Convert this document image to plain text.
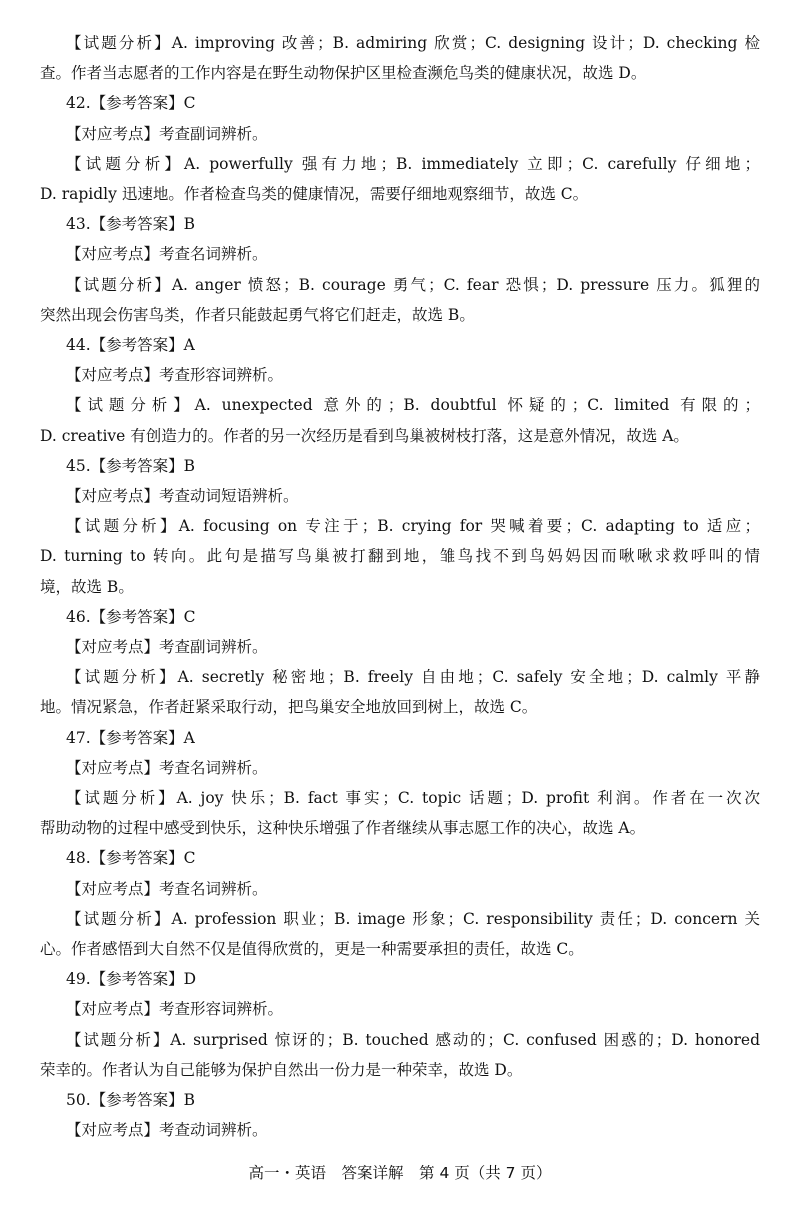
【试题分析】A. improving 改善；B. admiring 欣赏；C. designing 设计；D. checking 检
查。作者当志愿者的工作内容是在野生动物保护区里检查濒危鸟类的健康状况，故选 D。
42.【参考答案】C
【对应考点】考查副词辨析。
【试题分析】A. powerfully 强有力地；B. immediately 立即；C. carefully 仔细地；
D. rapidly 迅速地。作者检查鸟类的健康情况，需要仔细地观察细节，故选 C。
43.【参考答案】B
【对应考点】考查名词辨析。
【试题分析】A. anger 愤怒；B. courage 勇气；C. fear 恐惧；D. pressure 压力。狐狸的
突然出现会伤害鸟类，作者只能鼓起勇气将它们赶走，故选 B。
44.【参考答案】A
【对应考点】考查形容词辨析。
【试题分析】A. unexpected 意外的；B. doubtful 怀疑的；C. limited 有限的；
D. creative 有创造力的。作者的另一次经历是看到鸟巢被树枝打落，这是意外情况，故选 A。
45.【参考答案】B
【对应考点】考查动词短语辨析。
【试题分析】A. focusing on 专注于；B. crying for 哭喊着要；C. adapting to 适应；
D. turning to 转向。此句是描写鸟巢被打翻到地，雏鸟找不到鸟妈妈因而啾啾求救呼叫的情
境，故选 B。
46.【参考答案】C
【对应考点】考查副词辨析。
【试题分析】A. secretly 秘密地；B. freely 自由地；C. safely 安全地；D. calmly 平静
地。情况紧急，作者赶紧采取行动，把鸟巢安全地放回到树上，故选 C。
47.【参考答案】A
【对应考点】考查名词辨析。
【试题分析】A. joy 快乐；B. fact 事实；C. topic 话题；D. profit 利润。作者在一次次
帮助动物的过程中感受到快乐，这种快乐增强了作者继续从事志愿工作的决心，故选 A。
48.【参考答案】C
【对应考点】考查名词辨析。
【试题分析】A. profession 职业；B. image 形象；C. responsibility 责任；D. concern 关
心。作者感悟到大自然不仅是值得欣赏的，更是一种需要承担的责任，故选 C。
49.【参考答案】D
【对应考点】考查形容词辨析。
【试题分析】A. surprised 惊讶的；B. touched 感动的；C. confused 困惑的；D. honored
荣幸的。作者认为自己能够为保护自然出一份力是一种荣幸，故选 D。
50.【参考答案】B
【对应考点】考查动词辨析。
高一・英语　答案详解　第 4 页（共 7 页）
